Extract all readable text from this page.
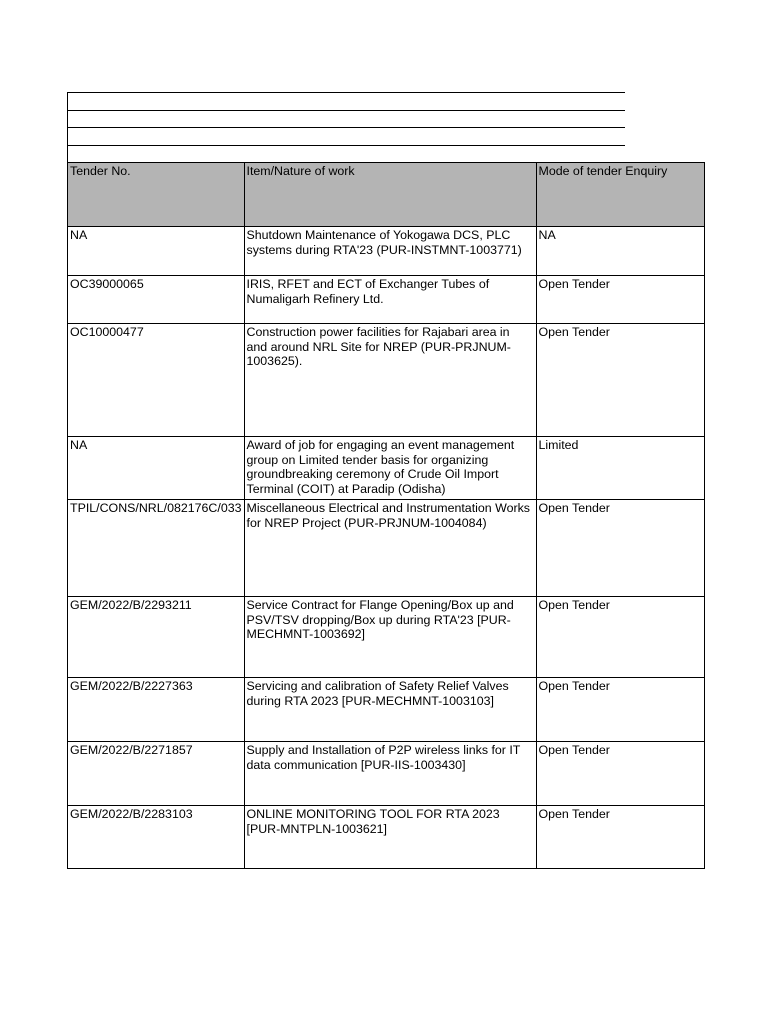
Tender No.	Item/Nature of work	Mode of tender Enquiry
NA	Shutdown Maintenance of Yokogawa DCS, PLC systems during RTA'23 (PUR-INSTMNT-1003771)	NA
OC39000065	IRIS, RFET and ECT of Exchanger Tubes of Numaligarh Refinery Ltd.	Open Tender
OC10000477	Construction power facilities for Rajabari area in and around NRL Site for NREP (PUR-PRJNUM-1003625).	Open Tender
NA	Award of job for engaging an event management group on Limited tender basis for organizing groundbreaking ceremony of Crude Oil Import Terminal (COIT) at Paradip (Odisha)	Limited
TPIL/CONS/NRL/082176C/033	Miscellaneous Electrical and Instrumentation Works for NREP Project (PUR-PRJNUM-1004084)	Open Tender
GEM/2022/B/2293211	Service Contract for Flange Opening/Box up and PSV/TSV dropping/Box up during RTA'23 [PUR-MECHMNT-1003692]	Open Tender
GEM/2022/B/2227363	Servicing and calibration of Safety Relief Valves during RTA 2023 [PUR-MECHMNT-1003103]	Open Tender
GEM/2022/B/2271857	Supply and Installation of P2P wireless links for IT data communication [PUR-IIS-1003430]	Open Tender
GEM/2022/B/2283103	ONLINE MONITORING TOOL FOR RTA 2023 [PUR-MNTPLN-1003621]	Open Tender
